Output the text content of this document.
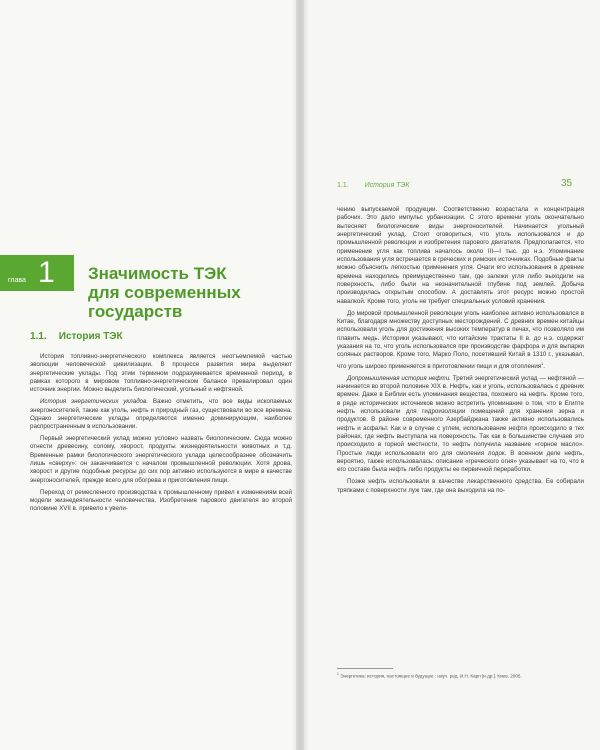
глава 1 Значимость ТЭК
для современных
государств
1.1. История ТЭК

История топливно-энергетического комплекса является неотъемлемой частью эволюции человеческой цивилизации. В процессе развития мира выделяют энергетические уклады. Под этим термином подразумевается временной период, в рамках которого в мировом топливно-энергетическом балансе превалировал один источник энергии. Можно выделить биологический, угольный и нефтяной.

История энергетических укладов. Важно отметить, что все виды ископаемых энергоносителей, такие как уголь, нефть и природный газ, существовали во все времена. Однако энергетические уклады определяются именно доминирующим, наиболее распространенным в использовании.

Первый энергетический уклад можно условно назвать биологическим. Сюда можно отнести древесину, солому, хворост, продукты жизнедеятельности животных и т.д. Временные рамки биологического энергетического уклада целесообразнее обозначить лишь «сверху»: он заканчивается с началом промышленной революции. Хотя дрова, хворост и другие подобные ресурсы до сих пор активно используются в мире в качестве энергоносителей, прежде всего для обогрева и приготовления пищи.

Переход от ремесленного производства к промышленному привел к изменениям всей модели жизнедеятельности человечества. Изобретение парового двигателя во второй половине XVII в. привело к увели-

1.1. История ТЭК	35

чению выпускаемой продукции. Соответственно возрастала и концентрация рабочих. Это дало импульс урбанизации. С этого времени уголь окончательно вытесняет биологические виды энергоносителей. Начинается угольный энергетический уклад. Стоит оговориться, что уголь использовался и до промышленной революции и изобретения парового двигателя. Предполагается, что применение угля как топлива началось около III—I тыс. до н.э. Упоминание использования угля встречается в греческих и римских источниках. Подобные факты можно объяснить легкостью применения угля. Очаги его использования в древние времена находились преимущественно там, где залежи угля либо выходили на поверхность, либо были на незначительной глубине под землей. Добыча производилась открытым способом. А доставлять этот ресурс можно простой навалкой. Кроме того, уголь не требует специальных условий хранения.

До мировой промышленной революции уголь наиболее активно использовался в Китае, благодаря множеству доступных месторождений. С древних времен китайцы использовали уголь для достижения высоких температур в печах, что позволяло им плавить медь. Историки указывают, что китайские трактаты II в. до н.э. содержат указания на то, что уголь использовался при производстве фарфора и для выпарки соляных растворов. Кроме того, Марко Поло, посетивший Китай в 1310 г., указывал, что уголь широко применяется в приготовлении пищи и для отопления$^1$.

Допромышленная история нефти. Третий энергетический уклад — нефтяной — начинается во второй половине XIX в. Нефть, как и уголь, использовалась с древних времен. Даже в Библии есть упоминания вещества, похожего на нефть. Кроме того, в ряде исторических источников можно встретить упоминание о том, что в Египте нефть использовали для гидроизоляции помещений для хранения зерна и продуктов. В районе современного Азербайджана также активно использовались нефть и асфальт. Как и в случае с углем, использование нефти происходило в тех районах, где нефть выступала на поверхность. Так как в большинстве случаев это происходило в горной местности, то нефть получила название «горное масло». Простые люди использовали его для смоления лодок. В военном деле нефть, вероятно, также использовалась: описание «греческого огня» указывает на то, что в его составе была нефть либо продукты ее первичной переработки.

Позже нефть использовали в качестве лекарственного средства. Ее собирали тряпками с поверхности луж там, где она выходила на по-

$^1$ Энергетика: история, настоящее и будущее : науч. ред. И.Н. Карп [и др.]. Киев, 2005.
